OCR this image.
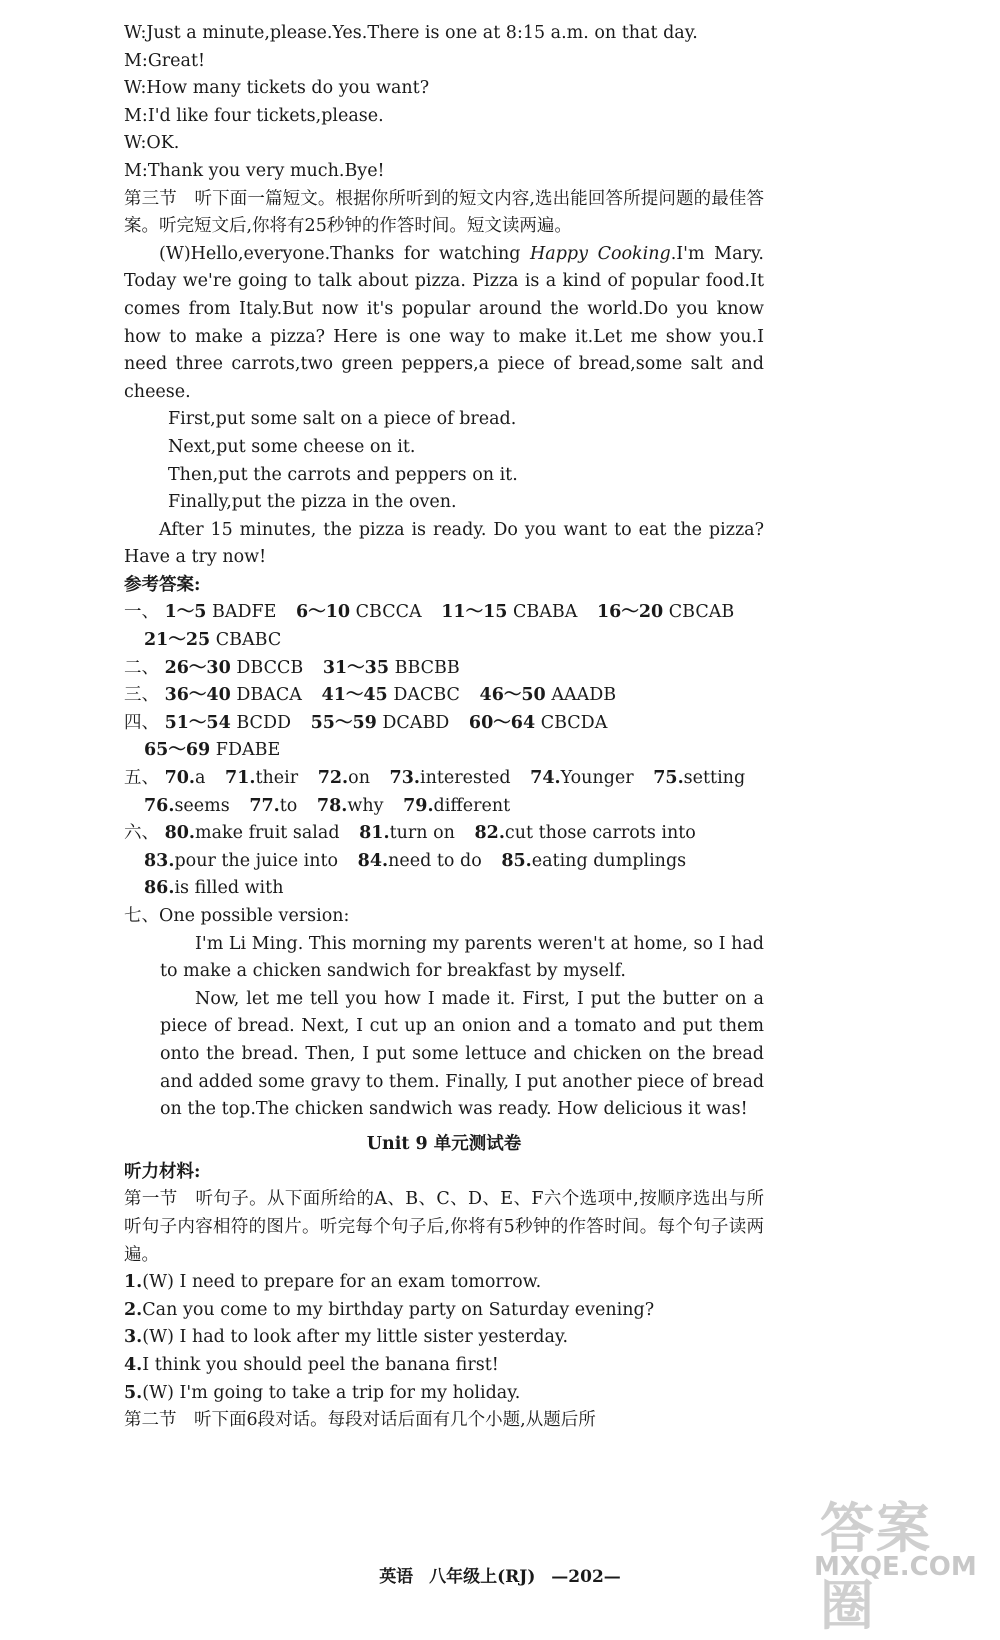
W:Just a minute,please.Yes.There is one at 8:15 a.m. on that day.
M:Great!
W:How many tickets do you want?
M:I'd like four tickets,please.
W:OK.
M:Thank you very much.Bye!
第三节　听下面一篇短文。根据你所听到的短文内容,选出能回答所提问题的最佳答案。听完短文后,你将有25秒钟的作答时间。短文读两遍。
(W)Hello,everyone.Thanks for watching Happy Cooking.I'm Mary. Today we're going to talk about pizza. Pizza is a kind of popular food.It comes from Italy.But now it's popular around the world.Do you know how to make a pizza? Here is one way to make it.Let me show you.I need three carrots,two green peppers,a piece of bread,some salt and cheese.
First,put some salt on a piece of bread.
Next,put some cheese on it.
Then,put the carrots and peppers on it.
Finally,put the pizza in the oven.
After 15 minutes, the pizza is ready. Do you want to eat the pizza? Have a try now!
参考答案:
一、 1～5 BADFE 6～10 CBCCA 11～15 CBABA 16～20 CBCAB
21～25 CBABC
二、 26～30 DBCCB 31～35 BBCBB
三、 36～40 DBACA 41～45 DACBC 46～50 AAADB
四、 51～54 BCDD 55～59 DCABD 60～64 CBCDA
65～69 FDABE
五、 70.a 71.their 72.on 73.interested 74.Younger 75.setting
76.seems 77.to 78.why 79.different
六、 80.make fruit salad 81.turn on 82.cut those carrots into
83.pour the juice into 84.need to do 85.eating dumplings
86.is filled with
七、One possible version:

I'm Li Ming. This morning my parents weren't at home, so I had to make a chicken sandwich for breakfast by myself.

Now, let me tell you how I made it. First, I put the butter on a piece of bread. Next, I cut up an onion and a tomato and put them onto the bread. Then, I put some lettuce and chicken on the bread and added some gravy to them. Finally, I put another piece of bread on the top.The chicken sandwich was ready. How delicious it was!

Unit 9 单元测试卷
听力材料:
第一节　听句子。从下面所给的A、B、C、D、E、F六个选项中,按顺序选出与所听句子内容相符的图片。听完每个句子后,你将有5秒钟的作答时间。每个句子读两遍。
1.(W) I need to prepare for an exam tomorrow.
2.Can you come to my birthday party on Saturday evening?
3.(W) I had to look after my little sister yesterday.
4.I think you should peel the banana first!
5.(W) I'm going to take a trip for my holiday.
第二节　听下面6段对话。每段对话后面有几个小题,从题后所
英语 八年级上(RJ) —202—
答案圈
MXQE.COM
